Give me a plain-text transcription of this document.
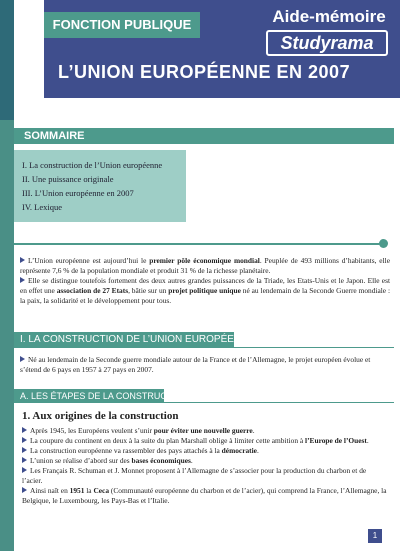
FONCTION PUBLIQUE	Aide-mémoire
Studyrama
L’UNION EUROPÉENNE EN 2007
SOMMAIRE
I. La construction de l’Union européenne
II. Une puissance originale
III. L’Union européenne en 2007
IV. Lexique

L’Union européenne est aujourd’hui le premier pôle économique mondial. Peuplée de 493 millions d’habitants, elle représente 7,6 % de la population mondiale et produit 31 % de la richesse planétaire.

Elle se distingue toutefois fortement des deux autres grandes puissances de la Triade, les Etats-Unis et le Japon. Elle est en effet une association de 27 Etats, bâtie sur un projet politique unique né au lendemain de la Seconde Guerre mondiale : la paix, la solidarité et le développement pour tous.

I. LA CONSTRUCTION DE L’UNION EUROPÉENNE
Né au lendemain de la Seconde guerre mondiale autour de la France et de l’Allemagne, le projet européen évolue et s’étend de 6 pays en 1957 à 27 pays en 2007.
A. LES ÉTAPES DE LA CONSTRUCTION
1. Aux origines de la construction

Après 1945, les Européens veulent s’unir pour éviter une nouvelle guerre.

La coupure du continent en deux à la suite du plan Marshall oblige à limiter cette ambition à l’Europe de l’Ouest.

La construction européenne va rassembler des pays attachés à la démocratie.

L’union se réalise d’abord sur des bases économiques.

Les Français R. Schuman et J. Monnet proposent à l’Allemagne de s’associer pour la production du charbon et de l’acier.

Ainsi naît en 1951 la Ceca (Communauté européenne du charbon et de l’acier), qui comprend la France, l’Allemagne, la Belgique, le Luxembourg, les Pays-Bas et l’Italie.

1
